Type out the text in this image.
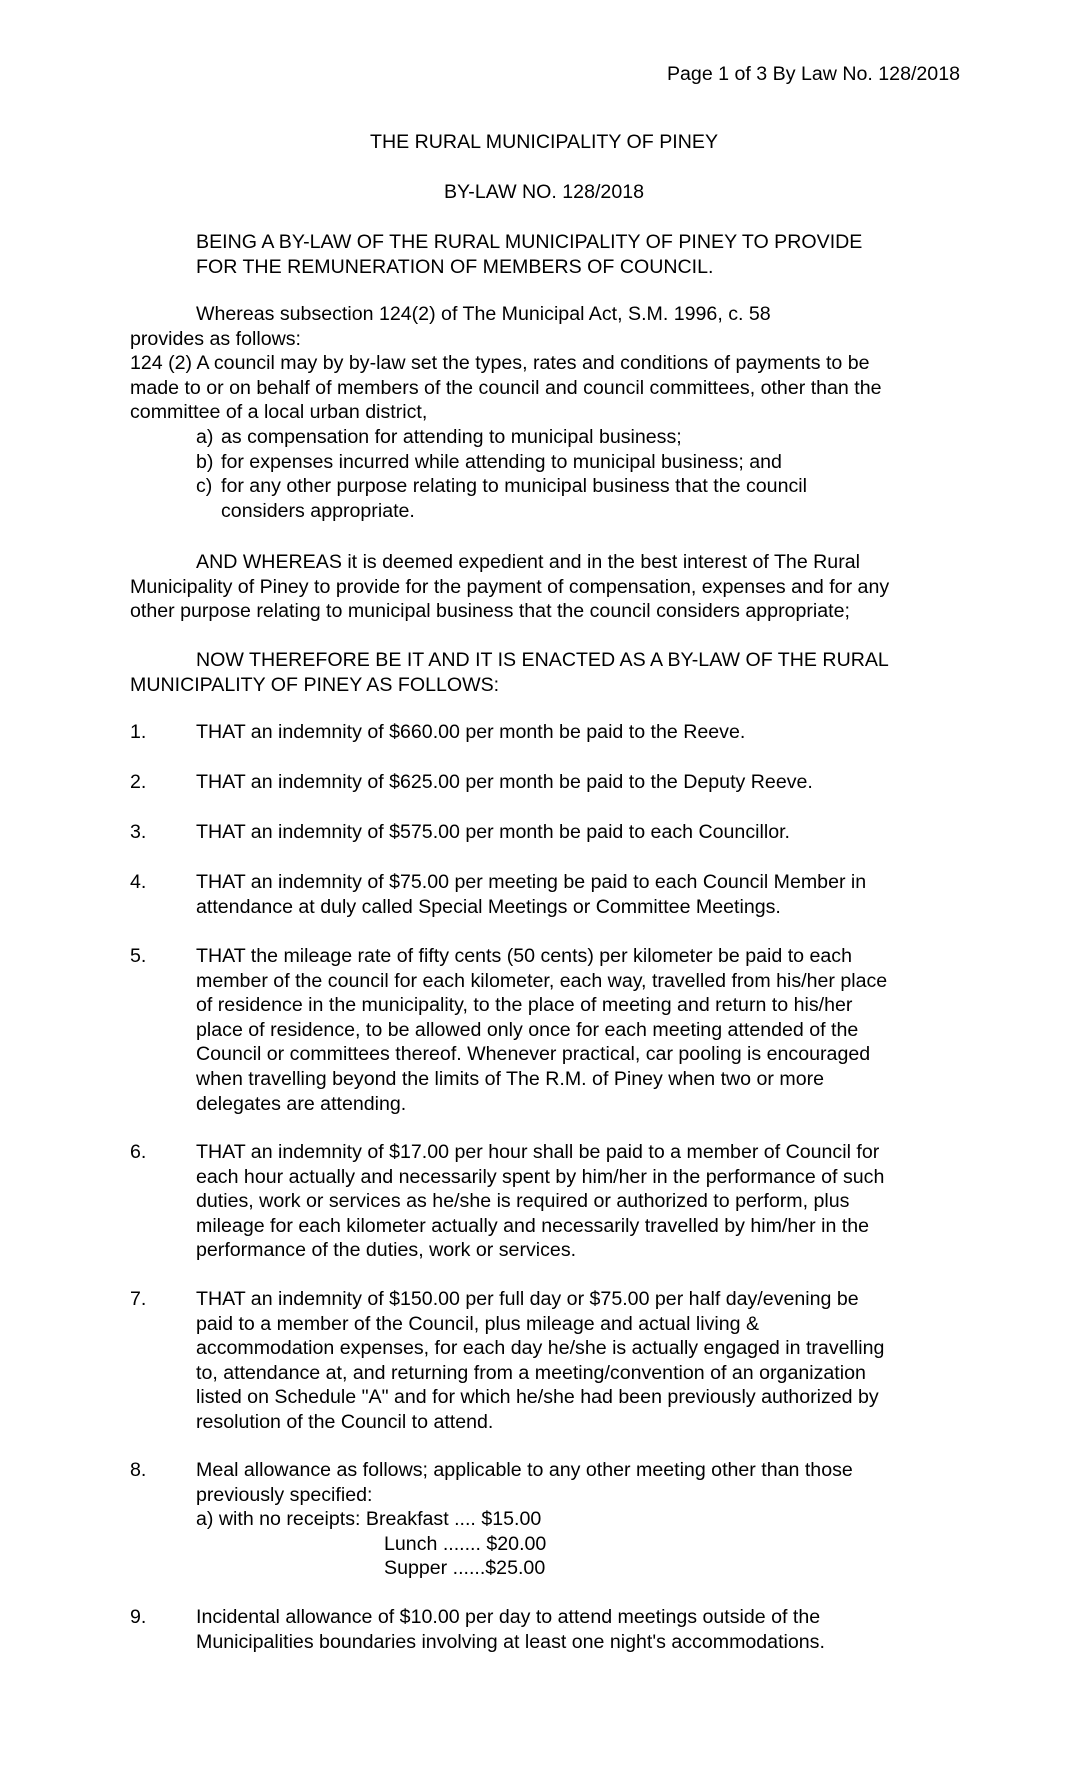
Page 1 of 3 By Law No. 128/2018
THE RURAL MUNICIPALITY OF PINEY
BY-LAW NO. 128/2018
BEING A BY-LAW OF THE RURAL MUNICIPALITY OF PINEY TO PROVIDE
FOR THE REMUNERATION OF MEMBERS OF COUNCIL.
Whereas subsection 124(2) of The Municipal Act, S.M. 1996, c. 58
provides as follows:
124 (2) A council may by by-law set the types, rates and conditions of payments to be
made to or on behalf of members of the council and council committees, other than the
committee of a local urban district,
a) as compensation for attending to municipal business;
b) for expenses incurred while attending to municipal business; and
c) for any other purpose relating to municipal business that the council
considers appropriate.
AND WHEREAS it is deemed expedient and in the best interest of The Rural
Municipality of Piney to provide for the payment of compensation, expenses and for any
other purpose relating to municipal business that the council considers appropriate;
NOW THEREFORE BE IT AND IT IS ENACTED AS A BY-LAW OF THE RURAL
MUNICIPALITY OF PINEY AS FOLLOWS:
1.	THAT an indemnity of $660.00 per month be paid to the Reeve.
2.	THAT an indemnity of $625.00 per month be paid to the Deputy Reeve.
3.	THAT an indemnity of $575.00 per month be paid to each Councillor.
4.	THAT an indemnity of $75.00 per meeting be paid to each Council Member in
attendance at duly called Special Meetings or Committee Meetings.
5.	THAT the mileage rate of fifty cents (50 cents) per kilometer be paid to each
member of the council for each kilometer, each way, travelled from his/her place
of residence in the municipality, to the place of meeting and return to his/her
place of residence, to be allowed only once for each meeting attended of the
Council or committees thereof. Whenever practical, car pooling is encouraged
when travelling beyond the limits of The R.M. of Piney when two or more
delegates are attending.
6.	THAT an indemnity of $17.00 per hour shall be paid to a member of Council for
each hour actually and necessarily spent by him/her in the performance of such
duties, work or services as he/she is required or authorized to perform, plus
mileage for each kilometer actually and necessarily travelled by him/her in the
performance of the duties, work or services.
7.	THAT an indemnity of $150.00 per full day or $75.00 per half day/evening be
paid to a member of the Council, plus mileage and actual living &
accommodation expenses, for each day he/she is actually engaged in travelling
to, attendance at, and returning from a meeting/convention of an organization
listed on Schedule "A" and for which he/she had been previously authorized by
resolution of the Council to attend.
8.	Meal allowance as follows; applicable to any other meeting other than those
previously specified:
a) with no receipts: Breakfast .... $15.00
Lunch ....... $20.00
Supper ......$25.00
9.	Incidental allowance of $10.00 per day to attend meetings outside of the
Municipalities boundaries involving at least one night's accommodations.
